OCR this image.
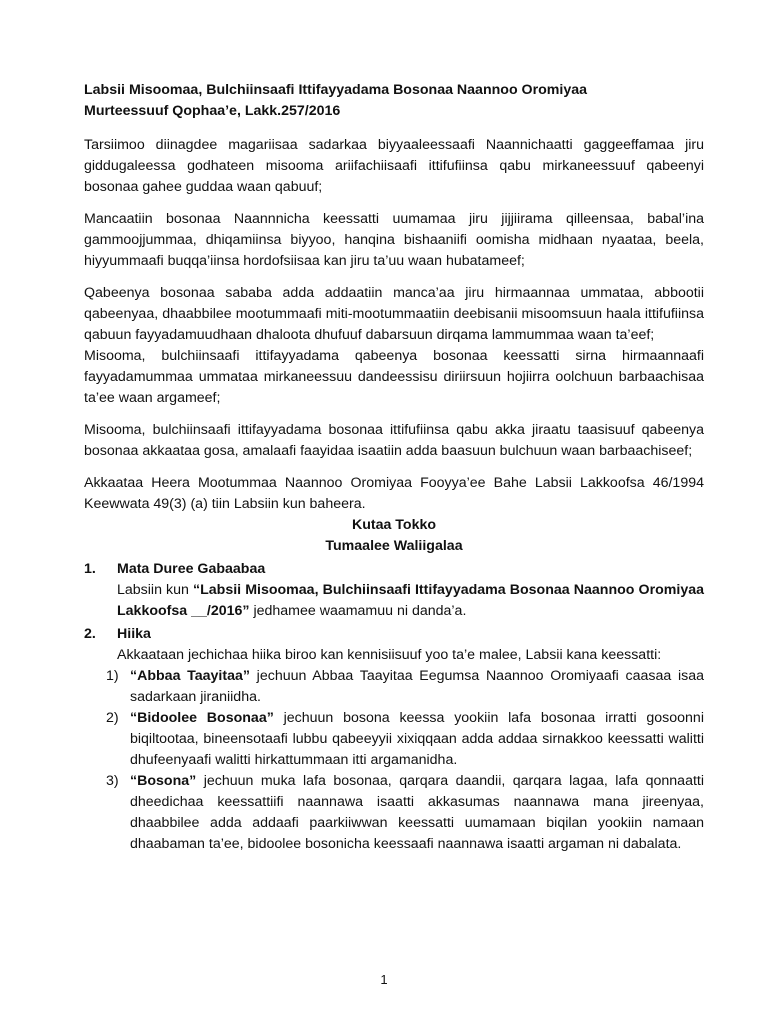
Labsii Misoomaa, Bulchiinsaafi Ittifayyadama Bosonaa Naannoo Oromiyaa

Murteessuuf Qophaa’e, Lakk.257/2016

Tarsiimoo diinagdee magariisaa sadarkaa biyyaaleessaafi Naannichaatti gaggeeffamaa jiru giddugaleessa godhateen misooma ariifachiisaafi ittifufiinsa qabu mirkaneessuuf qabeenyi bosonaa gahee guddaa waan qabuuf;

Mancaatiin bosonaa Naannnicha keessatti uumamaa jiru jijjiirama qilleensaa, babal’ina gammoojjummaa, dhiqamiinsa biyyoo, hanqina bishaaniifi oomisha midhaan nyaataa, beela, hiyyummaafi buqqa’iinsa hordofsiisaa kan jiru ta’uu waan hubatameef;

Qabeenya bosonaa sababa adda addaatiin manca’aa jiru hirmaannaa ummataa, abbootii qabeenyaa, dhaabbilee mootummaafi miti-mootummaatiin deebisanii misoomsuun haala ittifufiinsa qabuun fayyadamuudhaan dhaloota dhufuuf dabarsuun dirqama lammummaa waan ta’eef;

Misooma, bulchiinsaafi ittifayyadama qabeenya bosonaa keessatti sirna hirmaannaafi fayyadamummaa ummataa mirkaneessuu dandeessisu diriirsuun hojiirra oolchuun barbaachisaa ta’ee waan argameef;

Misooma, bulchiinsaafi ittifayyadama bosonaa ittifufiinsa qabu akka jiraatu taasisuuf qabeenya bosonaa akkaataa gosa, amalaafi faayidaa isaatiin adda baasuun bulchuun waan barbaachiseef;

Akkaataa Heera Mootummaa Naannoo Oromiyaa Fooyya’ee Bahe Labsii Lakkoofsa 46/1994 Keewwata 49(3) (a) tiin Labsiin kun baheera.

Kutaa Tokko

Tumaalee Waliigalaa

1.	Mata Duree Gabaabaa
Labsiin kun “Labsii Misoomaa, Bulchiinsaafi Ittifayyadama Bosonaa Naannoo Oromiyaa Lakkoofsa __/2016” jedhamee waamamuu ni danda’a.
2.	Hiika
Akkaataan jechichaa hiika biroo kan kennisiisuuf yoo ta’e malee, Labsii kana keessatti:
1) “Abbaa Taayitaa” jechuun Abbaa Taayitaa Eegumsa Naannoo Oromiyaafi caasaa isaa sadarkaan jiraniidha.
2) “Bidoolee Bosonaa” jechuun bosona keessa yookiin lafa bosonaa irratti gosoonni biqiltootaa, bineensotaafi lubbu qabeeyyii xixiqqaan adda addaa sirnakkoo keessatti walitti dhufeenyaafi walitti hirkattummaan itti argamanidha.
3) “Bosona” jechuun muka lafa bosonaa, qarqara daandii, qarqara lagaa, lafa qonnaatti dheedichaa keessattiifi naannawa isaatti akkasumas naannawa mana jireenyaa, dhaabbilee adda addaafi paarkiiwwan keessatti uumamaan biqilan yookiin namaan dhaabaman ta’ee, bidoolee bosonicha keessaafi naannawa isaatti argaman ni dabalata.
1
